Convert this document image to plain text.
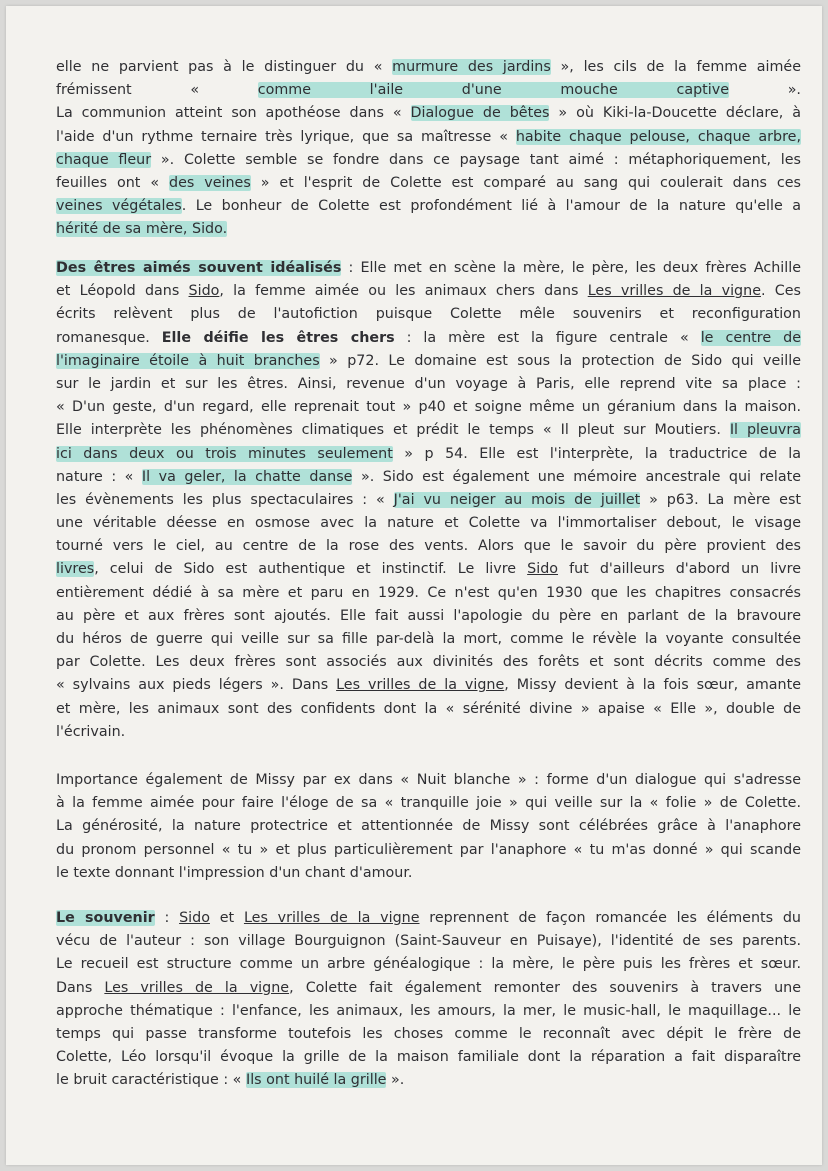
elle ne parvient pas à le distinguer du « murmure des jardins », les cils de la femme aimée
frémissent « comme l'aile d'une mouche captive ».
La communion atteint son apothéose dans « Dialogue de bêtes » où Kiki-la-Doucette déclare, à
l'aide d'un rythme ternaire très lyrique, que sa maîtresse « habite chaque pelouse, chaque arbre,
chaque fleur ». Colette semble se fondre dans ce paysage tant aimé : métaphoriquement, les
feuilles ont « des veines » et l'esprit de Colette est comparé au sang qui coulerait dans ces
veines végétales. Le bonheur de Colette est profondément lié à l'amour de la nature qu'elle a
hérité de sa mère, Sido.
Des êtres aimés souvent idéalisés : Elle met en scène la mère, le père, les deux frères Achille
et Léopold dans Sido, la femme aimée ou les animaux chers dans Les vrilles de la vigne. Ces
écrits relèvent plus de l'autofiction puisque Colette mêle souvenirs et reconfiguration
romanesque. Elle déifie les êtres chers : la mère est la figure centrale « le centre de
l'imaginaire étoile à huit branches » p72. Le domaine est sous la protection de Sido qui veille
sur le jardin et sur les êtres. Ainsi, revenue d'un voyage à Paris, elle reprend vite sa place :
« D'un geste, d'un regard, elle reprenait tout » p40 et soigne même un géranium dans la maison.
Elle interprète les phénomènes climatiques et prédit le temps « Il pleut sur Moutiers. Il pleuvra
ici dans deux ou trois minutes seulement » p 54. Elle est l'interprète, la traductrice de la
nature : « Il va geler, la chatte danse ». Sido est également une mémoire ancestrale qui relate
les évènements les plus spectaculaires : « J'ai vu neiger au mois de juillet » p63. La mère est
une véritable déesse en osmose avec la nature et Colette va l'immortaliser debout, le visage
tourné vers le ciel, au centre de la rose des vents. Alors que le savoir du père provient des
livres, celui de Sido est authentique et instinctif. Le livre Sido fut d'ailleurs d'abord un livre
entièrement dédié à sa mère et paru en 1929. Ce n'est qu'en 1930 que les chapitres consacrés
au père et aux frères sont ajoutés. Elle fait aussi l'apologie du père en parlant de la bravoure
du héros de guerre qui veille sur sa fille par-delà la mort, comme le révèle la voyante consultée
par Colette. Les deux frères sont associés aux divinités des forêts et sont décrits comme des
« sylvains aux pieds légers ». Dans Les vrilles de la vigne, Missy devient à la fois sœur, amante
et mère, les animaux sont des confidents dont la « sérénité divine » apaise « Elle », double de
l'écrivain.
Importance également de Missy par ex dans « Nuit blanche » : forme d'un dialogue qui s'adresse
à la femme aimée pour faire l'éloge de sa « tranquille joie » qui veille sur la « folie » de Colette.
La générosité, la nature protectrice et attentionnée de Missy sont célébrées grâce à l'anaphore
du pronom personnel « tu » et plus particulièrement par l'anaphore « tu m'as donné » qui scande
le texte donnant l'impression d'un chant d'amour.
Le souvenir : Sido et Les vrilles de la vigne reprennent de façon romancée les éléments du
vécu de l'auteur : son village Bourguignon (Saint-Sauveur en Puisaye), l'identité de ses parents.
Le recueil est structure comme un arbre généalogique : la mère, le père puis les frères et sœur.
Dans Les vrilles de la vigne, Colette fait également remonter des souvenirs à travers une
approche thématique : l'enfance, les animaux, les amours, la mer, le music-hall, le maquillage... le
temps qui passe transforme toutefois les choses comme le reconnaît avec dépit le frère de
Colette, Léo lorsqu'il évoque la grille de la maison familiale dont la réparation a fait disparaître
le bruit caractéristique : « Ils ont huilé la grille ».
